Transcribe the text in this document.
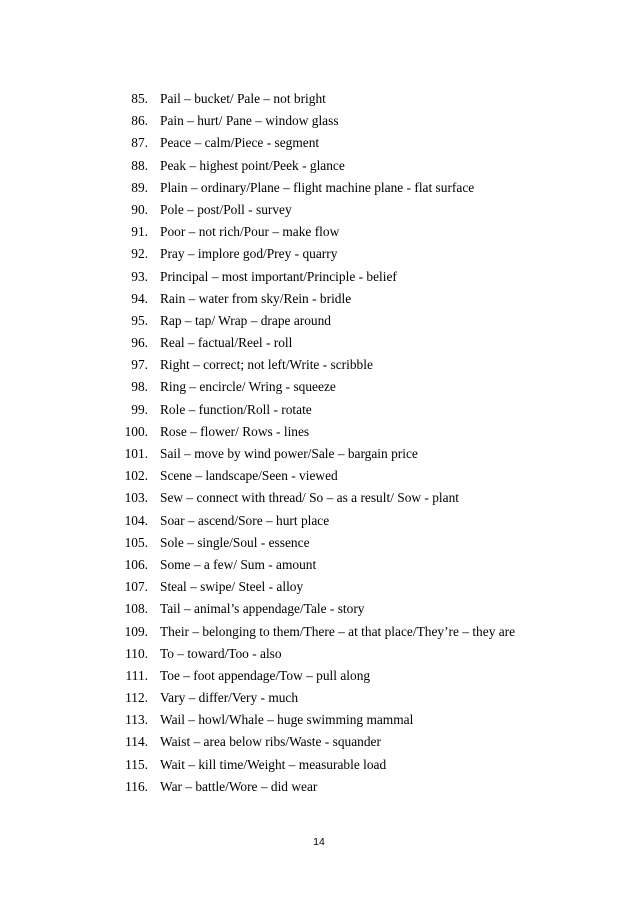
85. Pail – bucket/ Pale – not bright
86. Pain – hurt/ Pane – window glass
87. Peace – calm/Piece - segment
88. Peak – highest point/Peek - glance
89. Plain – ordinary/Plane – flight machine plane - flat surface
90. Pole – post/Poll - survey
91. Poor – not rich/Pour – make flow
92. Pray – implore god/Prey - quarry
93. Principal – most important/Principle - belief
94. Rain – water from sky/Rein - bridle
95. Rap – tap/ Wrap – drape around
96. Real – factual/Reel - roll
97. Right – correct; not left/Write - scribble
98. Ring – encircle/ Wring - squeeze
99. Role – function/Roll - rotate
100. Rose – flower/ Rows - lines
101. Sail – move by wind power/Sale – bargain price
102. Scene – landscape/Seen - viewed
103. Sew – connect with thread/ So – as a result/ Sow - plant
104. Soar – ascend/Sore – hurt place
105. Sole – single/Soul - essence
106. Some – a few/ Sum - amount
107. Steal – swipe/ Steel - alloy
108. Tail – animal’s appendage/Tale - story
109. Their – belonging to them/There – at that place/They’re – they are
110. To – toward/Too - also
111. Toe – foot appendage/Tow – pull along
112. Vary – differ/Very - much
113. Wail – howl/Whale – huge swimming mammal
114. Waist – area below ribs/Waste - squander
115. Wait – kill time/Weight – measurable load
116. War – battle/Wore – did wear
14
